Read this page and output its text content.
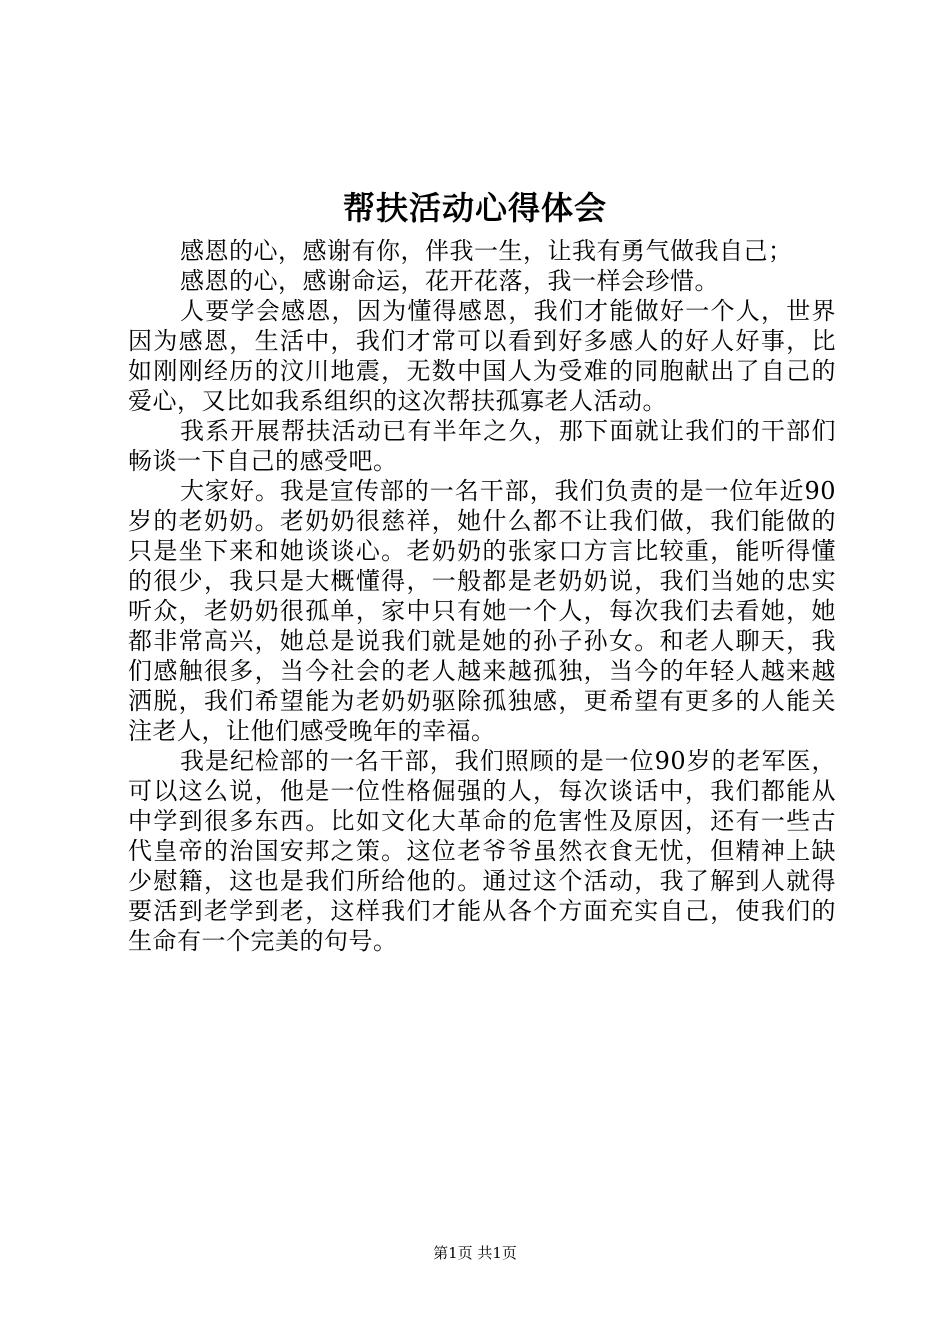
帮扶活动心得体会

感恩的心，感谢有你，伴我一生，让我有勇气做我自己；

感恩的心，感谢命运，花开花落，我一样会珍惜。

人要学会感恩，因为懂得感恩，我们才能做好一个人，世界因为感恩，生活中，我们才常可以看到好多感人的好人好事，比如刚刚经历的汶川地震，无数中国人为受难的同胞献出了自己的爱心，又比如我系组织的这次帮扶孤寡老人活动。

我系开展帮扶活动已有半年之久，那下面就让我们的干部们畅谈一下自己的感受吧。

大家好。我是宣传部的一名干部，我们负责的是一位年近90岁的老奶奶。老奶奶很慈祥，她什么都不让我们做，我们能做的只是坐下来和她谈谈心。老奶奶的张家口方言比较重，能听得懂的很少，我只是大概懂得，一般都是老奶奶说，我们当她的忠实听众，老奶奶很孤单，家中只有她一个人，每次我们去看她，她都非常高兴，她总是说我们就是她的孙子孙女。和老人聊天，我们感触很多，当今社会的老人越来越孤独，当今的年轻人越来越洒脱，我们希望能为老奶奶驱除孤独感，更希望有更多的人能关注老人，让他们感受晚年的幸福。

我是纪检部的一名干部，我们照顾的是一位90岁的老军医，可以这么说，他是一位性格倔强的人，每次谈话中，我们都能从中学到很多东西。比如文化大革命的危害性及原因，还有一些古代皇帝的治国安邦之策。这位老爷爷虽然衣食无忧，但精神上缺少慰籍，这也是我们所给他的。通过这个活动，我了解到人就得要活到老学到老，这样我们才能从各个方面充实自己，使我们的生命有一个完美的句号。

第1页 共1页
